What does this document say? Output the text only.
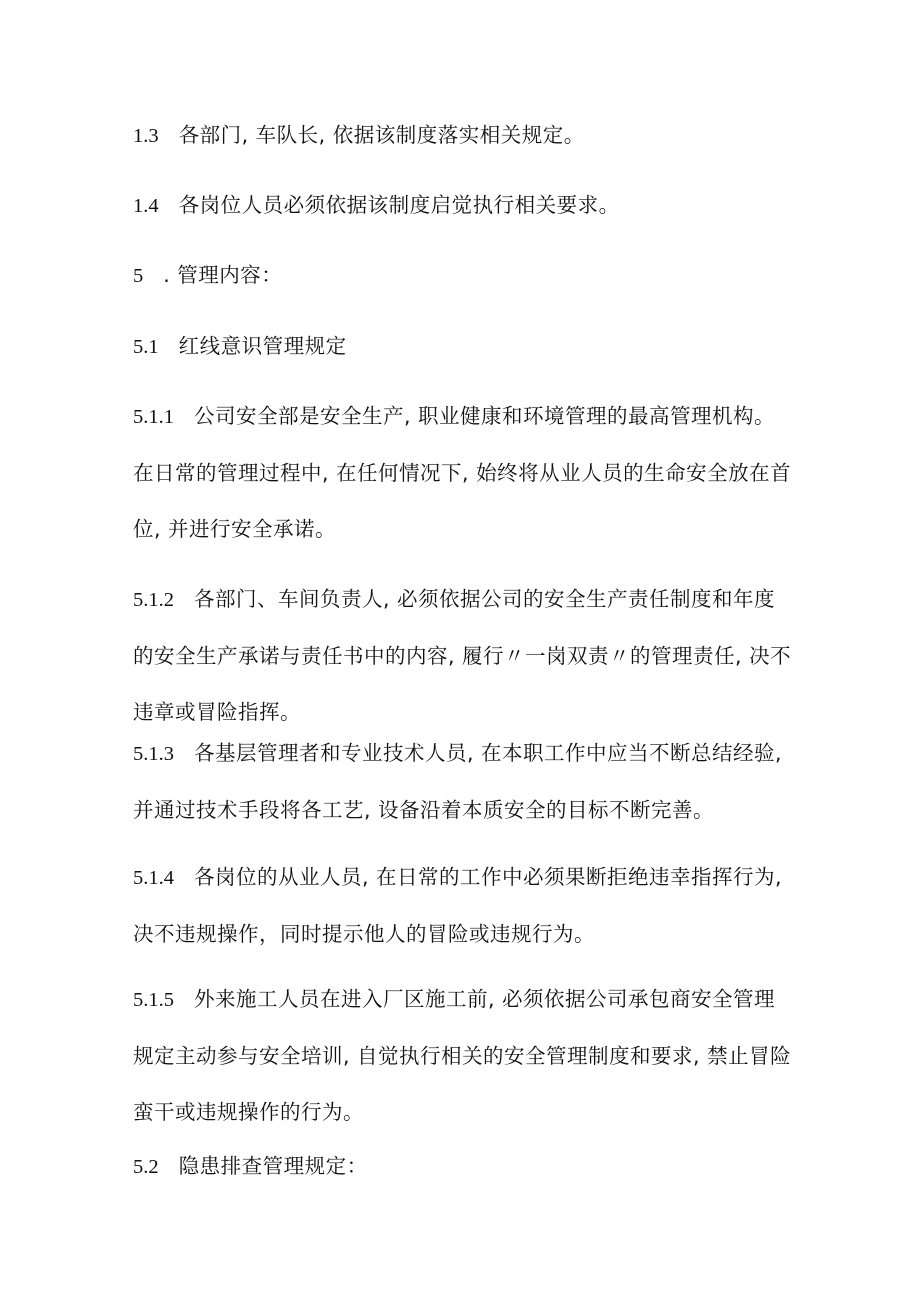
1.3 各部门, 车队长, 依据该制度落实相关规定。

1.4 各岗位人员必须依据该制度启觉执行相关要求。

5 . 管理内容：

5.1 红线意识管理规定

5.1.1 公司安全部是安全生产, 职业健康和环境管理的最高管理机构。在日常的管理过程中, 在任何情况下, 始终将从业人员的生命安全放在首位, 并进行安全承诺。

5.1.2 各部门、车间负责人, 必须依据公司的安全生产责任制度和年度的安全生产承诺与责任书中的内容, 履行〃一岗双责〃的管理责任, 决不违章或冒险指挥。

5.1.3 各基层管理者和专业技术人员, 在本职工作中应当不断总结经验, 并通过技术手段将各工艺, 设备沿着本质安全的目标不断完善。

5.1.4 各岗位的从业人员, 在日常的工作中必须果断拒绝违幸指挥行为, 决不违规操作，同时提示他人的冒险或违规行为。

5.1.5 外来施工人员在进入厂区施工前, 必须依据公司承包商安全管理规定主动参与安全培训, 自觉执行相关的安全管理制度和要求, 禁止冒险蛮干或违规操作的行为。

5.2 隐患排查管理规定：
